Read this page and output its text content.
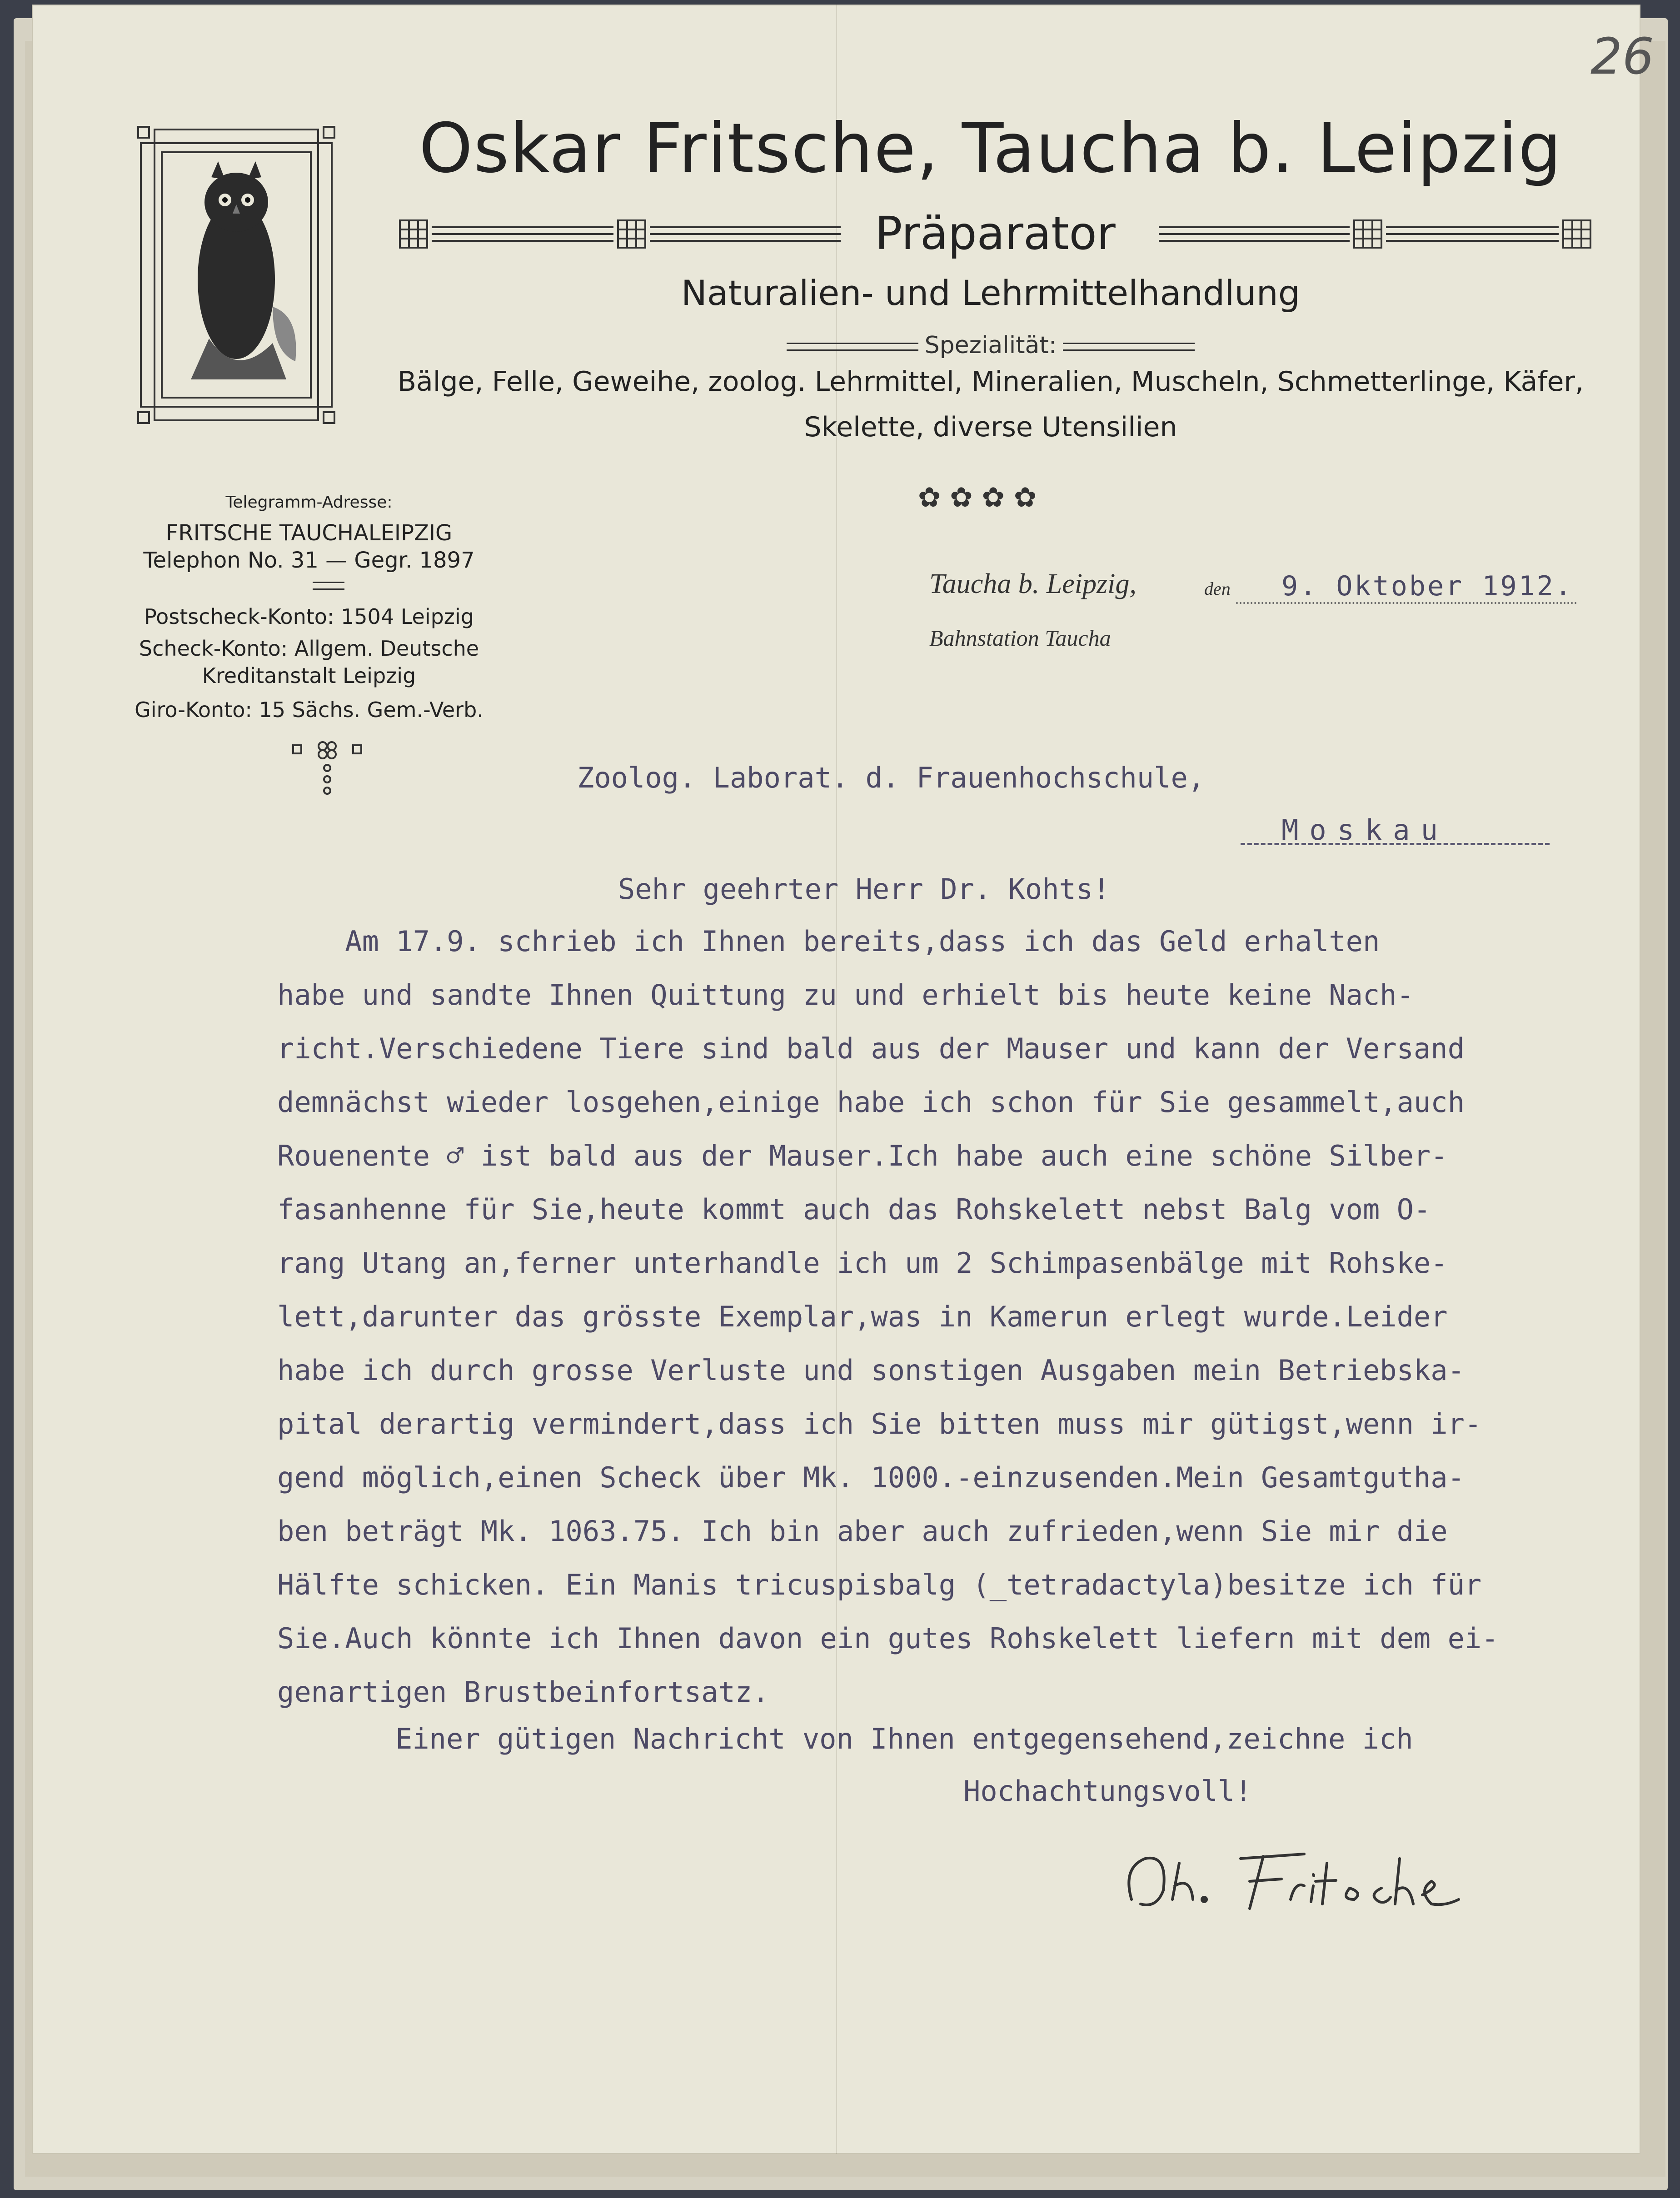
26
Oskar Fritsche, Taucha b. Leipzig
Präparator
Naturalien- und Lehrmittelhandlung
Spezialität:
Bälge, Felle, Geweihe, zoolog. Lehrmittel, Mineralien, Muscheln, Schmetterlinge, Käfer,
Skelette, diverse Utensilien
✿✿✿✿
Telegramm-Adresse:
FRITSCHE TAUCHALEIPZIG
Telephon No. 31 — Gegr. 1897
Postscheck-Konto: 1504 Leipzig
Scheck-Konto: Allgem. Deutsche
Kreditanstalt Leipzig
Giro-Konto: 15 Sächs. Gem.-Verb.
Taucha b. Leipzig,	den 9. Oktober 1912.
Bahnstation Taucha
Zoolog. Laborat. d. Frauenhochschule,
Moskau
Sehr geehrter Herr Dr. Kohts!
Am 17.9. schrieb ich Ihnen bereits,dass ich das Geld erhalten
habe und sandte Ihnen Quittung zu und erhielt bis heute keine Nach-
richt.Verschiedene Tiere sind bald aus der Mauser und kann der Versand
demnächst wieder losgehen,einige habe ich schon für Sie gesammelt,auch
Rouenente ♂ ist bald aus der Mauser.Ich habe auch eine schöne Silber-
fasanhenne für Sie,heute kommt auch das Rohskelett nebst Balg vom O-
rang Utang an,ferner unterhandle ich um 2 Schimpasenbälge mit Rohske-
lett,darunter das grösste Exemplar,was in Kamerun erlegt wurde.Leider
habe ich durch grosse Verluste und sonstigen Ausgaben mein Betriebska-
pital derartig vermindert,dass ich Sie bitten muss mir gütigst,wenn ir-
gend möglich,einen Scheck über Mk. 1000.-einzusenden.Mein Gesamtgutha-
ben beträgt Mk. 1063.75. Ich bin aber auch zufrieden,wenn Sie mir die
Hälfte schicken. Ein Manis tricuspisbalg (_tetradactyla)besitze ich für
Sie.Auch könnte ich Ihnen davon ein gutes Rohskelett liefern mit dem ei-
genartigen Brustbeinfortsatz.
Einer gütigen Nachricht von Ihnen entgegensehend,zeichne ich
Hochachtungsvoll!
